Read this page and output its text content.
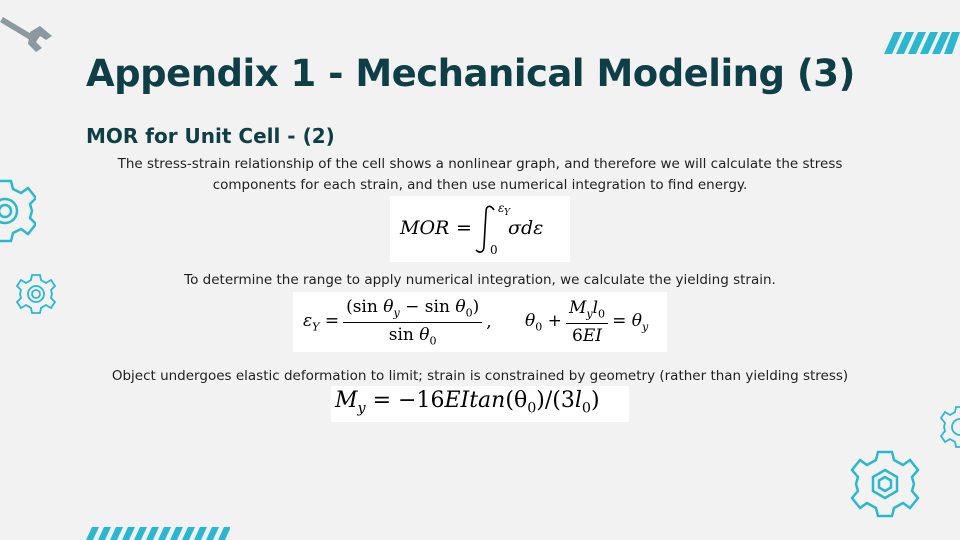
Appendix 1 - Mechanical Modeling (3)
MOR for Unit Cell - (2)
The stress-strain relationship of the cell shows a nonlinear graph, and therefore we will calculate the stress
components for each strain, and then use numerical integration to find energy.
MOR =
ε Y
0
σdε
To determine the range to apply numerical integration, we calculate the yielding strain.
$\varepsilon_Y = \frac{(\sin \theta_y - \sin \theta_0)}{\sin \theta_0}$ , $\theta_0 + \frac{M_yl_0}{6EI} = \theta_y$
Object undergoes elastic deformation to limit; strain is constrained by geometry (rather than yielding stress)
$M_y = -16EItan(\theta_0)/(3l_0)$
